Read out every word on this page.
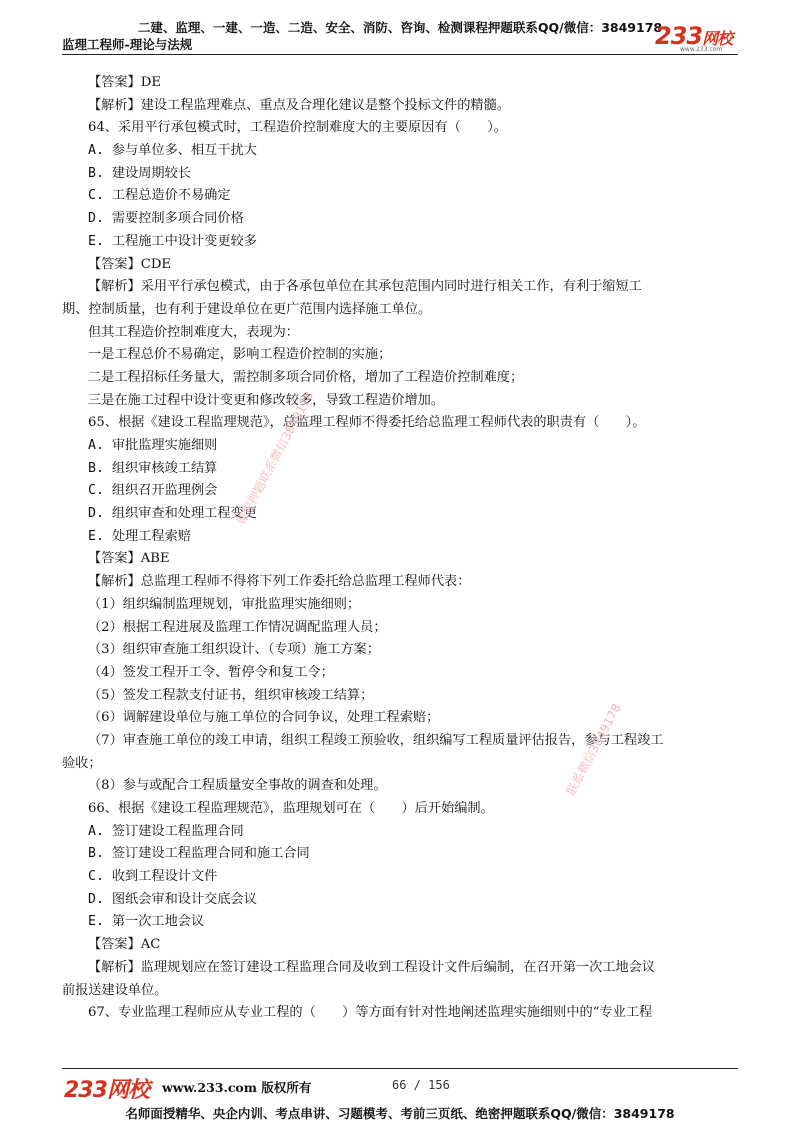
二建、监理、一建、一造、二造、安全、消防、咨询、检测课程押题联系QQ/微信：3849178
监理工程师-理论与法规	233网校
www.233.com
【答案】DE
【解析】建设工程监理难点、重点及合理化建议是整个投标文件的精髓。
64、采用平行承包模式时，工程造价控制难度大的主要原因有（　　）。
A. 参与单位多、相互干扰大
B. 建设周期较长
C. 工程总造价不易确定
D. 需要控制多项合同价格
E. 工程施工中设计变更较多
【答案】CDE
【解析】采用平行承包模式，由于各承包单位在其承包范围内同时进行相关工作，有利于缩短工
期、控制质量，也有利于建设单位在更广范围内选择施工单位。
但其工程造价控制难度大，表现为：
一是工程总价不易确定，影响工程造价控制的实施；
二是工程招标任务量大，需控制多项合同价格，增加了工程造价控制难度；
三是在施工过程中设计变更和修改较多，导致工程造价增加。
65、根据《建设工程监理规范》，总监理工程师不得委托给总监理工程师代表的职责有（　　）。
A. 审批监理实施细则
B. 组织审核竣工结算
C. 组织召开监理例会
D. 组织审查和处理工程变更
E. 处理工程索赔
【答案】ABE
【解析】总监理工程师不得将下列工作委托给总监理工程师代表：
（1）组织编制监理规划，审批监理实施细则；
（2）根据工程进展及监理工作情况调配监理人员；
（3）组织审查施工组织设计、（专项）施工方案；
（4）签发工程开工令、暂停令和复工令；
（5）签发工程款支付证书，组织审核竣工结算；
（6）调解建设单位与施工单位的合同争议，处理工程索赔；
（7）审查施工单位的竣工申请，组织工程竣工预验收，组织编写工程质量评估报告，参与工程竣工
验收；
（8）参与或配合工程质量安全事故的调查和处理。
66、根据《建设工程监理规范》，监理规划可在（　　）后开始编制。
A. 签订建设工程监理合同
B. 签订建设工程监理合同和施工合同
C. 收到工程设计文件
D. 图纸会审和设计交底会议
E. 第一次工地会议
【答案】AC
【解析】监理规划应在签订建设工程监理合同及收到工程设计文件后编制，在召开第一次工地会议
前报送建设单位。
67、专业监理工程师应从专业工程的（　　）等方面有针对性地阐述监理实施细则中的“专业工程
课程押题联系微信3849178
联系微信3849178
233网校 www.233.com 版权所有	66 / 156
名师面授精华、央企内训、考点串讲、习题模考、考前三页纸、绝密押题联系QQ/微信：3849178
